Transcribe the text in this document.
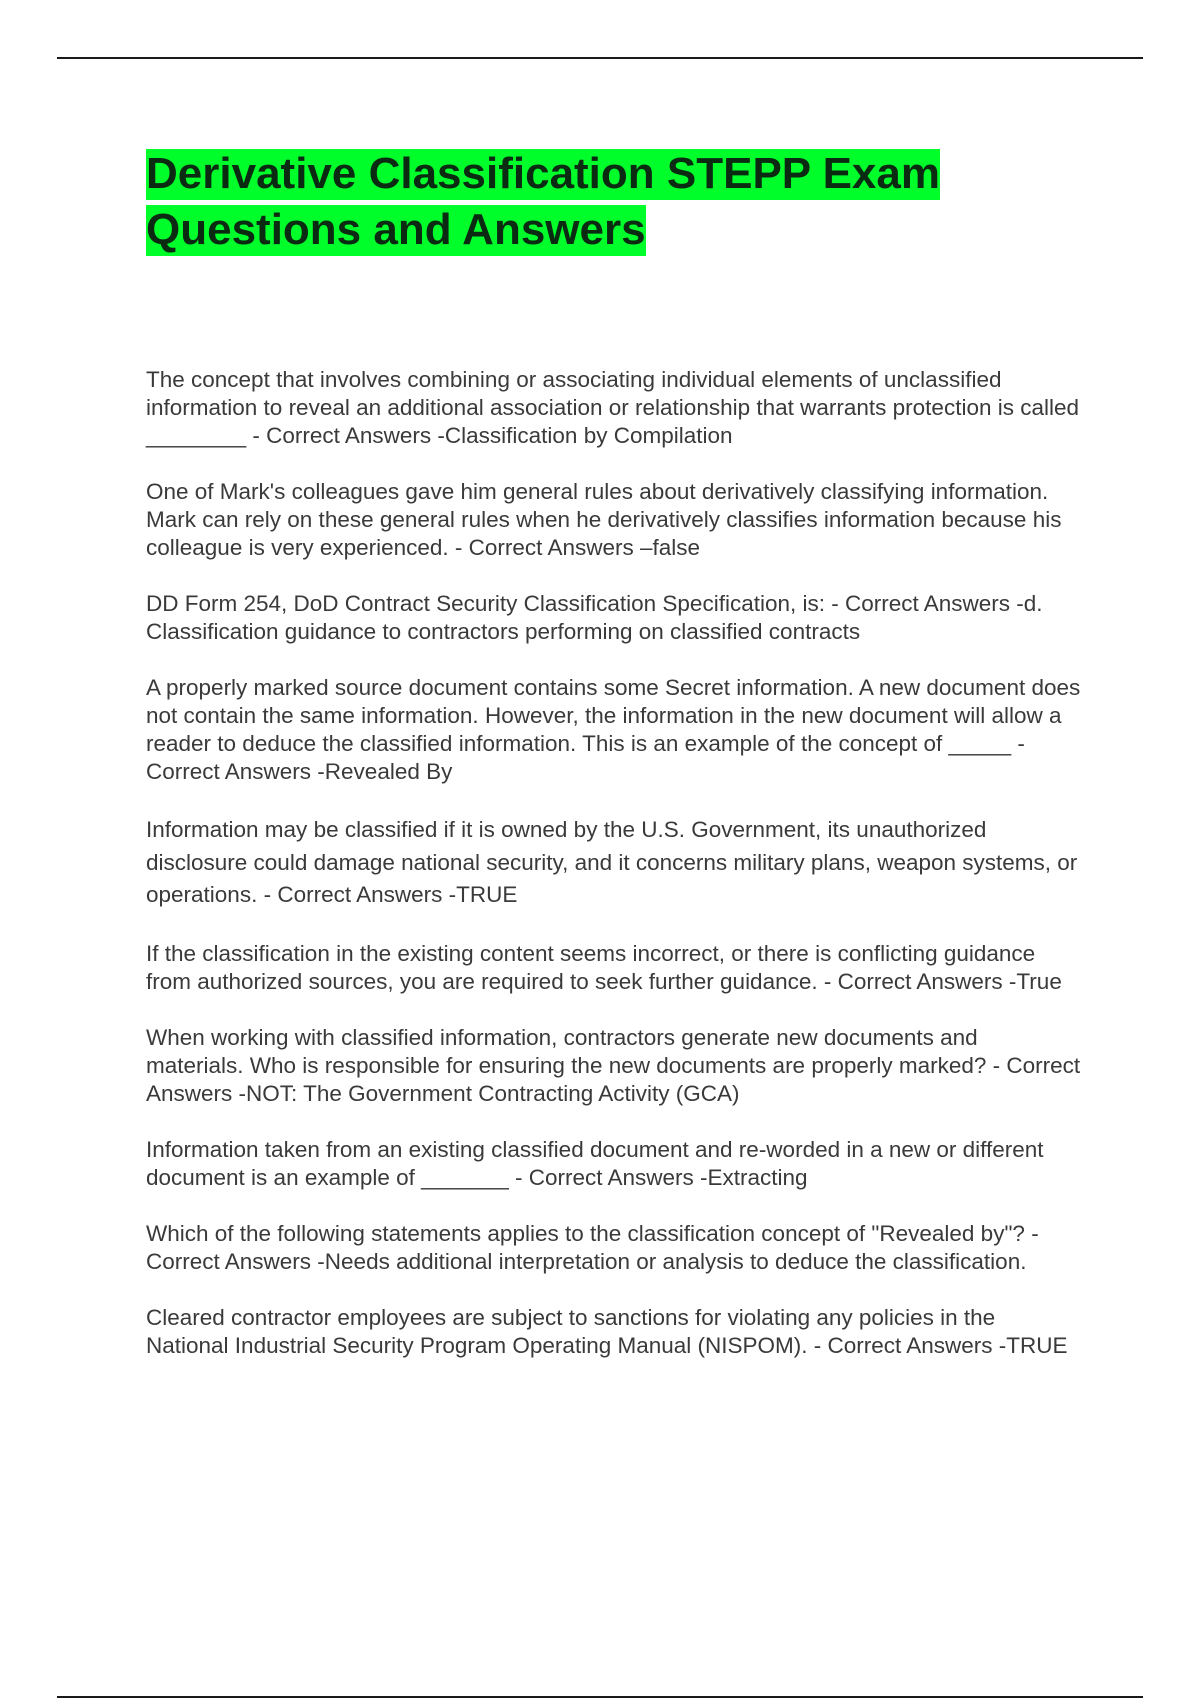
Derivative Classification STEPP Exam
Questions and Answers
The concept that involves combining or associating individual elements of unclassified information to reveal an additional association or relationship that warrants protection is called ________ - Correct Answers -Classification by Compilation
One of Mark's colleagues gave him general rules about derivatively classifying information. Mark can rely on these general rules when he derivatively classifies information because his colleague is very experienced. - Correct Answers –false
DD Form 254, DoD Contract Security Classification Specification, is: - Correct Answers -d. Classification guidance to contractors performing on classified contracts
A properly marked source document contains some Secret information. A new document does not contain the same information. However, the information in the new document will allow a reader to deduce the classified information. This is an example of the concept of _____ - Correct Answers -Revealed By
Information may be classified if it is owned by the U.S. Government, its unauthorized disclosure could damage national security, and it concerns military plans, weapon systems, or operations. - Correct Answers -TRUE
If the classification in the existing content seems incorrect, or there is conflicting guidance from authorized sources, you are required to seek further guidance. - Correct Answers -True
When working with classified information, contractors generate new documents and materials. Who is responsible for ensuring the new documents are properly marked? - Correct Answers -NOT: The Government Contracting Activity (GCA)
Information taken from an existing classified document and re-worded in a new or different document is an example of _______ - Correct Answers -Extracting
Which of the following statements applies to the classification concept of "Revealed by"? - Correct Answers -Needs additional interpretation or analysis to deduce the classification.
Cleared contractor employees are subject to sanctions for violating any policies in the National Industrial Security Program Operating Manual (NISPOM). - Correct Answers -TRUE
